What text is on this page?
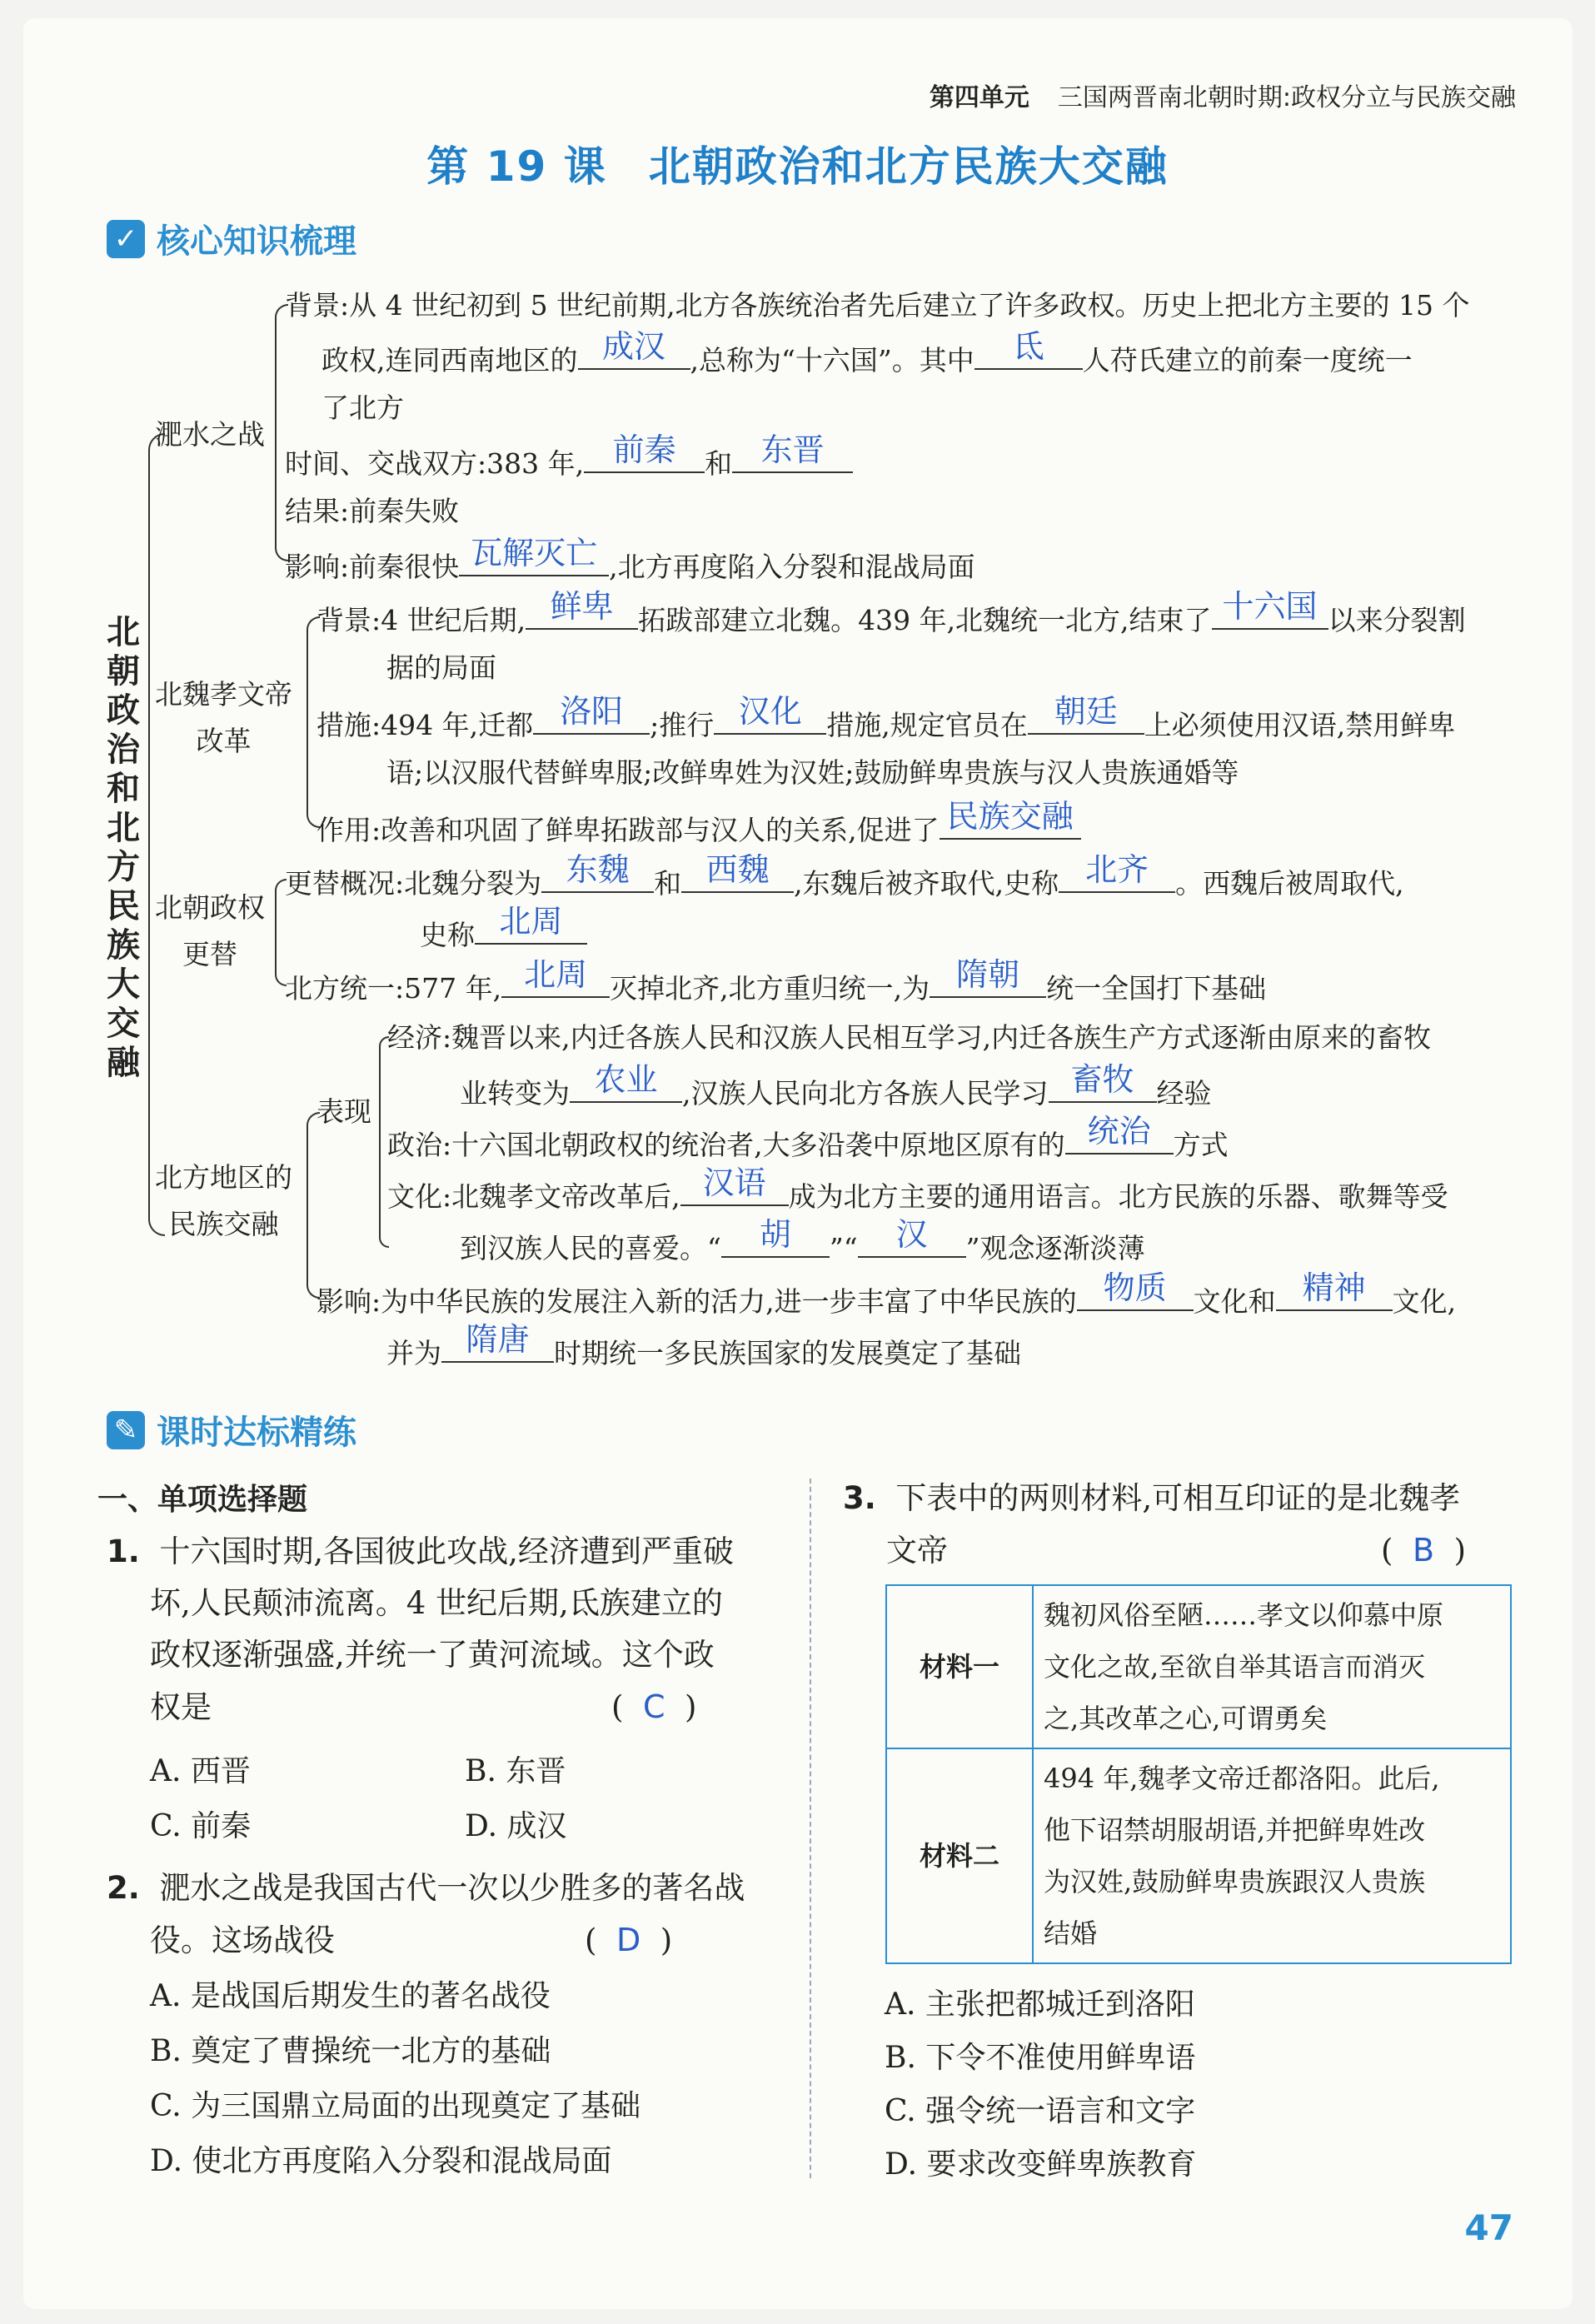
第四单元 三国两晋南北朝时期:政权分立与民族交融
第 19 课 北朝政治和北方民族大交融
✓ 核心知识梳理
北朝政治和北方民族大交融
淝水之战
背景:从 4 世纪初到 5 世纪前期,北方各族统治者先后建立了许多政权。历史上把北方主要的 15 个
政权,连同西南地区的 成汉 ,总称为“十六国”。其中	氐	人苻氏建立的前秦一度统一
了北方
时间、交战双方:383 年, 前秦	和 东晋
结果:前秦失败
影响:前秦很快 瓦解灭亡 ,北方再度陷入分裂和混战局面
北魏孝文帝
改革
背景:4 世纪后期, 鲜卑 拓跋部建立北魏。439 年,北魏统一北方,结束了 十六国 以来分裂割
据的局面
措施:494 年,迁都 洛阳 ;推行 汉化 措施,规定官员在 朝廷 上必须使用汉语,禁用鲜卑
语;以汉服代替鲜卑服;改鲜卑姓为汉姓;鼓励鲜卑贵族与汉人贵族通婚等
作用:改善和巩固了鲜卑拓跋部与汉人的关系,促进了 民族交融
北朝政权
更替
更替概况:北魏分裂为 东魏 和 西魏 ,东魏后被齐取代,史称 北齐 。西魏后被周取代,
史称 北周
北方统一:577 年, 北周 灭掉北齐,北方重归统一,为 隋朝 统一全国打下基础
北方地区的
民族交融
表现
经济:魏晋以来,内迁各族人民和汉族人民相互学习,内迁各族生产方式逐渐由原来的畜牧
业转变为 农业 ,汉族人民向北方各族人民学习 畜牧 经验
政治:十六国北朝政权的统治者,大多沿袭中原地区原有的 统治 方式
文化:北魏孝文帝改革后, 汉语 成为北方主要的通用语言。北方民族的乐器、歌舞等受
到汉族人民的喜爱。“	胡	”“	汉	”观念逐渐淡薄
影响:为中华民族的发展注入新的活力,进一步丰富了中华民族的 物质 文化和 精神 文化,
并为 隋唐 时期统一多民族国家的发展奠定了基础
✎ 课时达标精练
一、单项选择题
1. 十六国时期,各国彼此攻战,经济遭到严重破
坏,人民颠沛流离。4 世纪后期,氐族建立的
政权逐渐强盛,并统一了黄河流域。这个政
权是	(  C  )
A. 西晋	B. 东晋
C. 前秦	D. 成汉
2. 淝水之战是我国古代一次以少胜多的著名战
役。这场战役	(  D  )
A. 是战国后期发生的著名战役
B. 奠定了曹操统一北方的基础
C. 为三国鼎立局面的出现奠定了基础
D. 使北方再度陷入分裂和混战局面
3. 下表中的两则材料,可相互印证的是北魏孝
文帝	(  B  )
材料一	魏初风俗至陋……孝文以仰慕中原
文化之故,至欲自举其语言而消灭
之,其改革之心,可谓勇矣

材料二	494 年,魏孝文帝迁都洛阳。此后,
他下诏禁胡服胡语,并把鲜卑姓改
为汉姓,鼓励鲜卑贵族跟汉人贵族
结婚
A. 主张把都城迁到洛阳
B. 下令不准使用鲜卑语
C. 强令统一语言和文字
D. 要求改变鲜卑族教育
47
